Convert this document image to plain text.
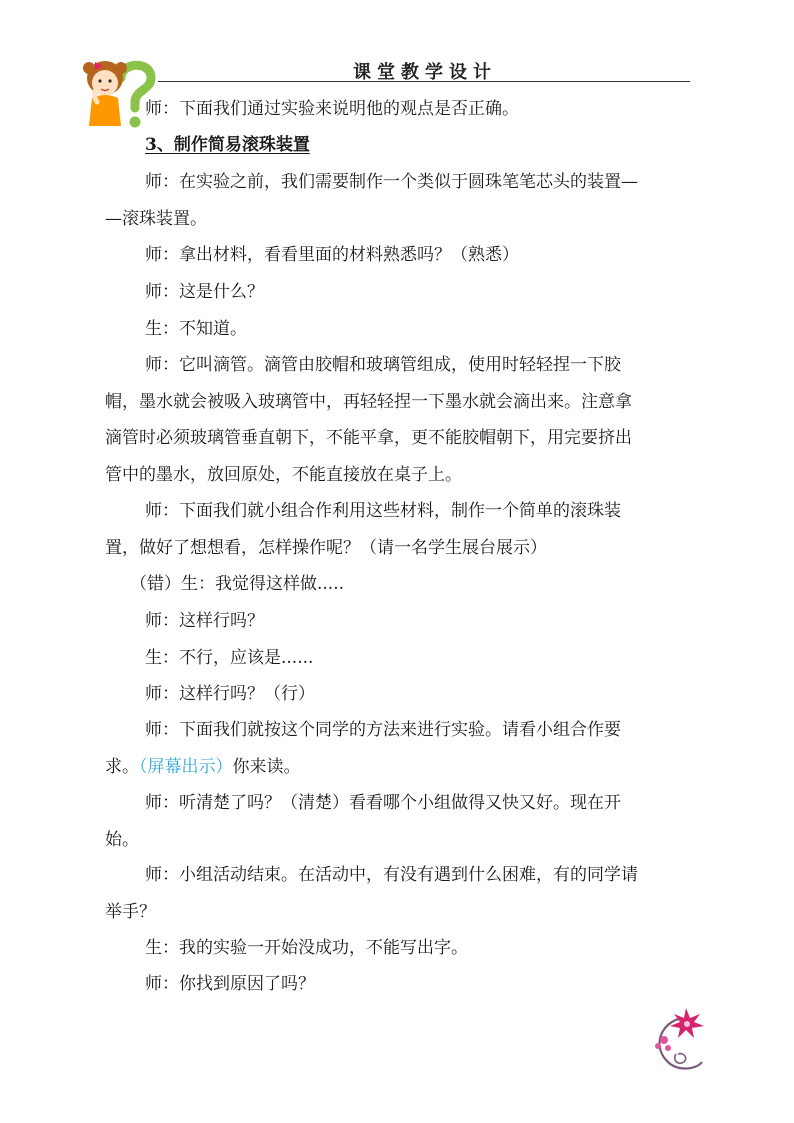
课堂教学设计

师：下面我们通过实验来说明他的观点是否正确。

3、制作简易滚珠装置

师：在实验之前，我们需要制作一个类似于圆珠笔笔芯头的装置—
—滚珠装置。

师：拿出材料，看看里面的材料熟悉吗？（熟悉）

师：这是什么？

生：不知道。

师：它叫滴管。滴管由胶帽和玻璃管组成，使用时轻轻捏一下胶
帽，墨水就会被吸入玻璃管中，再轻轻捏一下墨水就会滴出来。注意拿
滴管时必须玻璃管垂直朝下，不能平拿，更不能胶帽朝下，用完要挤出
管中的墨水，放回原处，不能直接放在桌子上。

师：下面我们就小组合作利用这些材料，制作一个简单的滚珠装
置，做好了想想看，怎样操作呢？（请一名学生展台展示）

（错）生：我觉得这样做.....

师：这样行吗？

生：不行，应该是......

师：这样行吗？（行）

师：下面我们就按这个同学的方法来进行实验。请看小组合作要
求。（屏幕出示）你来读。

师：听清楚了吗？（清楚）看看哪个小组做得又快又好。现在开
始。

师：小组活动结束。在活动中，有没有遇到什么困难，有的同学请
举手？

生：我的实验一开始没成功，不能写出字。

师：你找到原因了吗？
